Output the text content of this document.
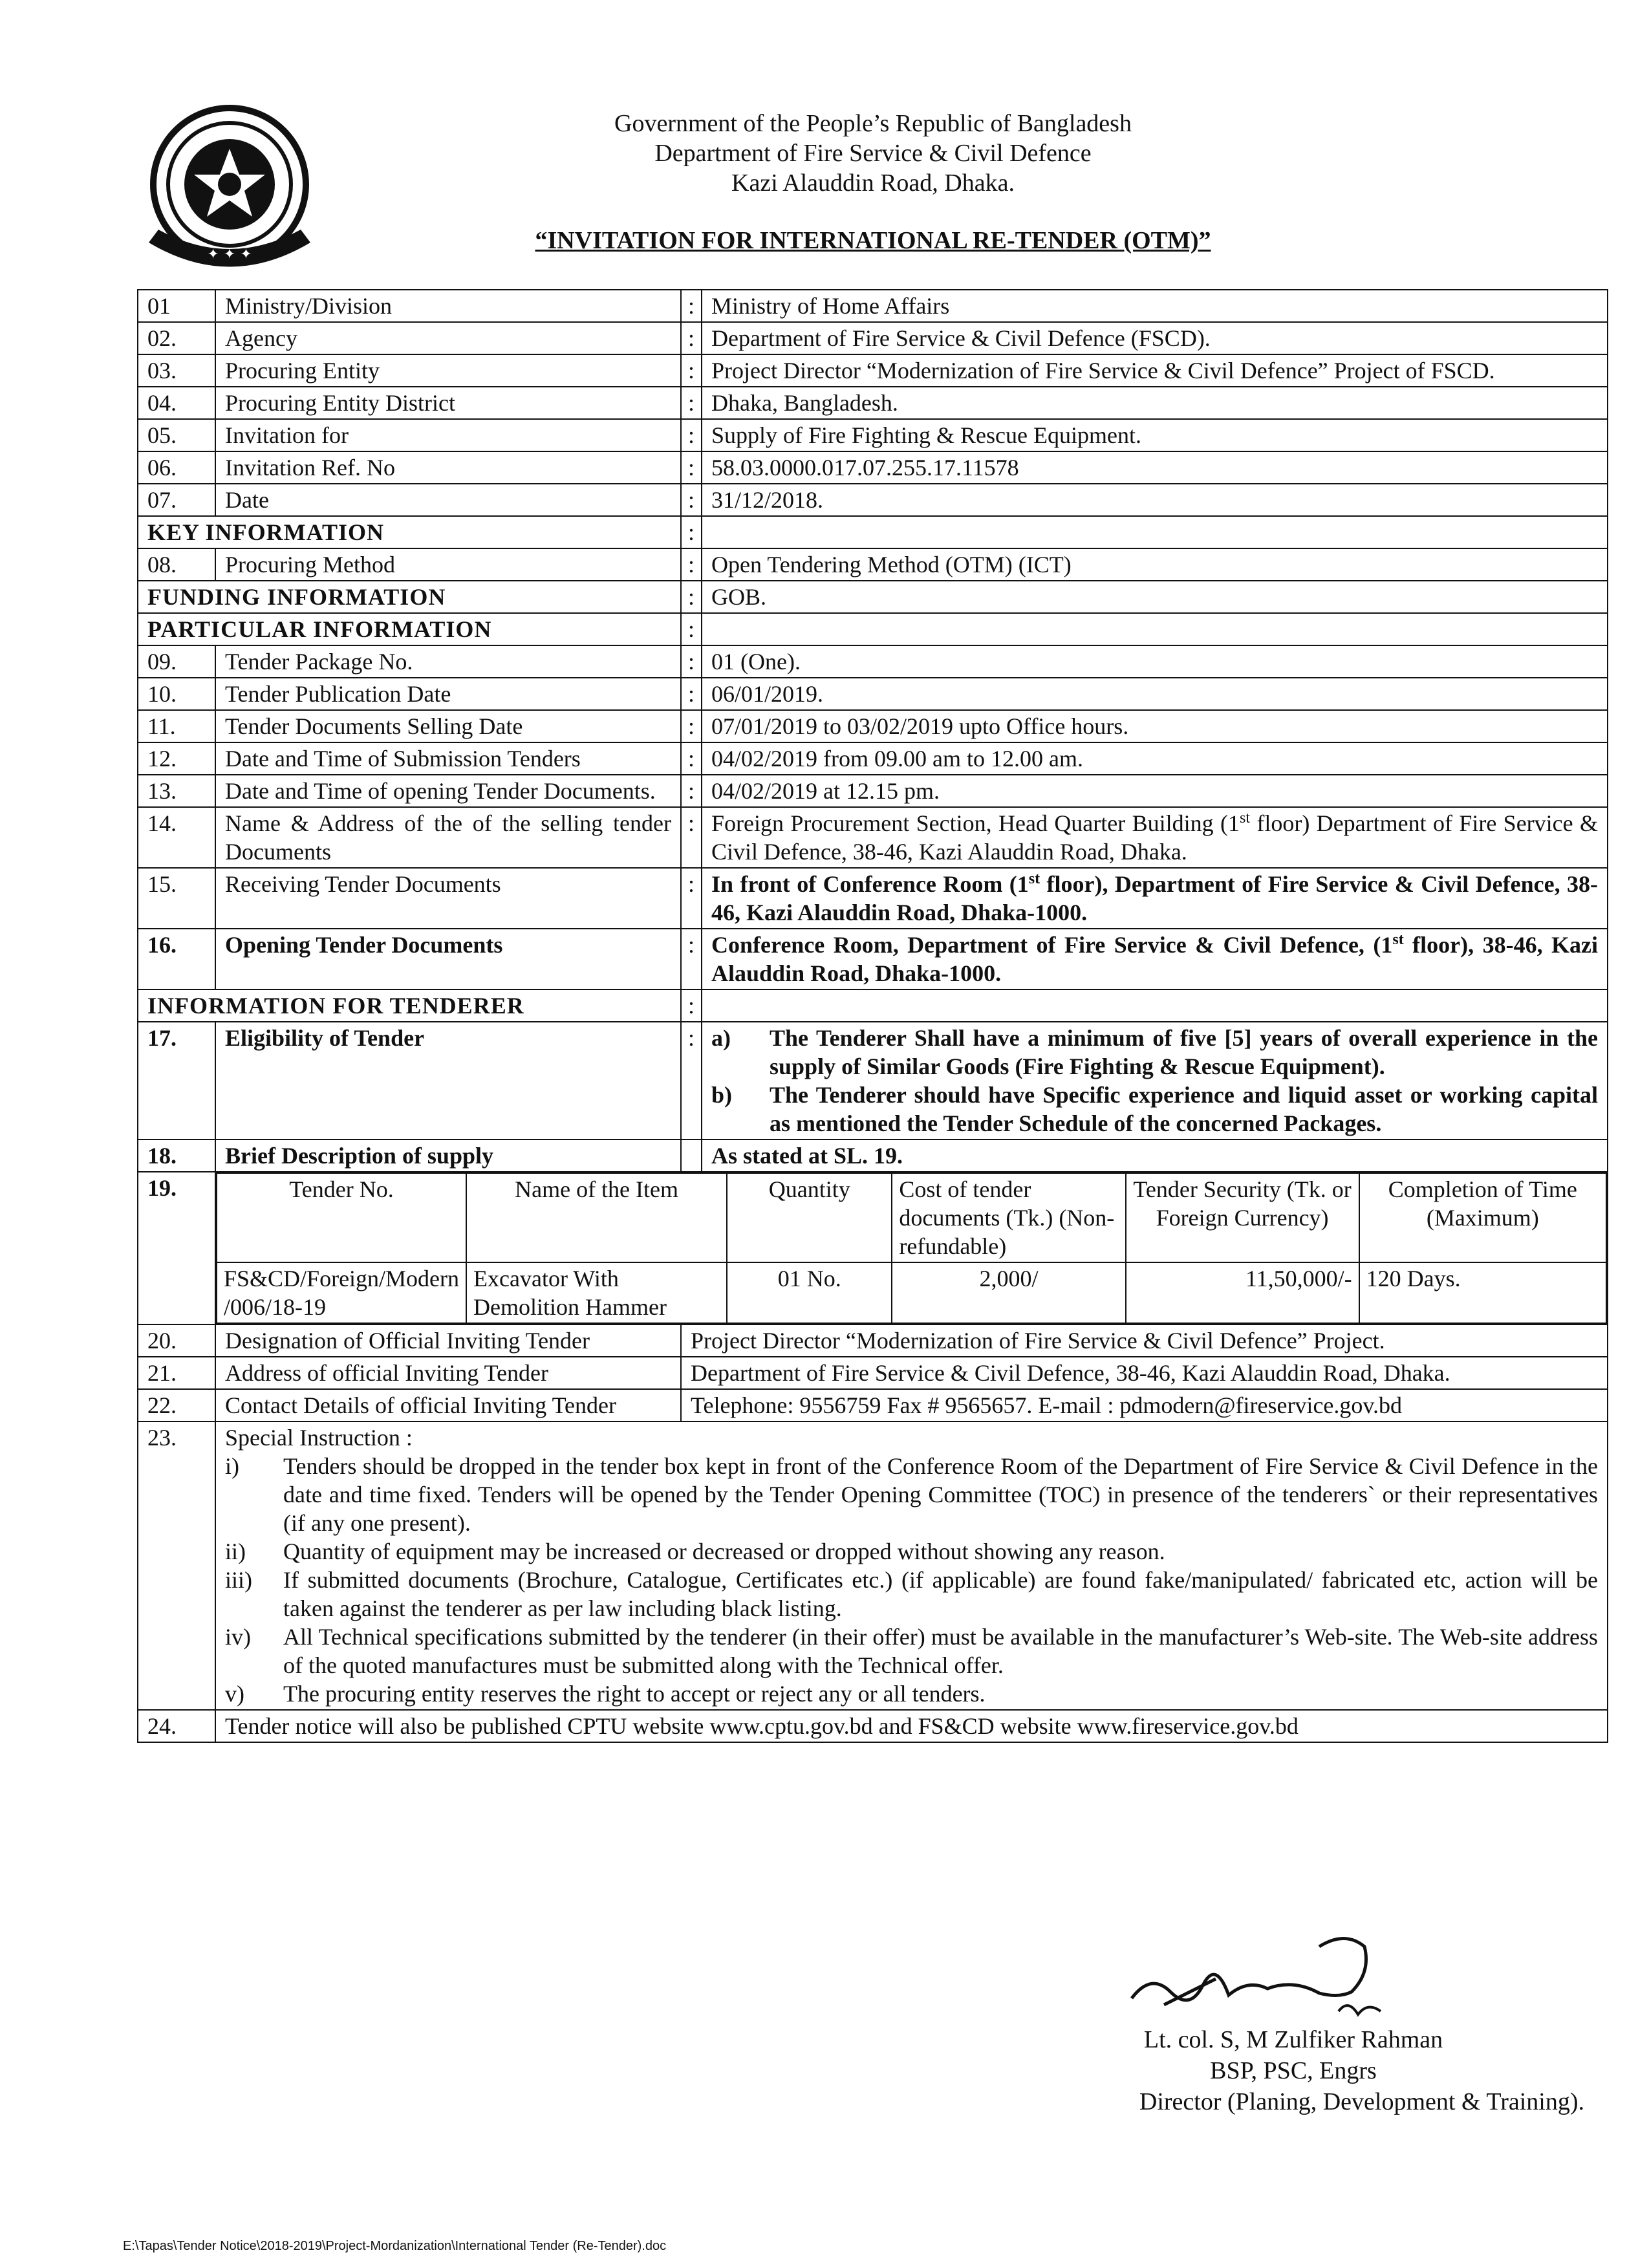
✦ ✦ ✦
Government of the People’s Republic of Bangladesh
Department of Fire Service & Civil Defence
Kazi Alauddin Road, Dhaka.
“INVITATION FOR INTERNATIONAL RE-TENDER (OTM)”
01	Ministry/Division	:	Ministry of Home Affairs
02.	Agency	:	Department of Fire Service & Civil Defence (FSCD).
03.	Procuring Entity	:	Project Director “Modernization of Fire Service & Civil Defence” Project of FSCD.
04.	Procuring Entity District	:	Dhaka, Bangladesh.
05.	Invitation for	:	Supply of Fire Fighting & Rescue Equipment.
06.	Invitation Ref. No	:	58.03.0000.017.07.255.17.11578
07.	Date	:	31/12/2018.
KEY INFORMATION	:	
08.	Procuring Method	:	Open Tendering Method (OTM) (ICT)
FUNDING INFORMATION	:	GOB.
PARTICULAR INFORMATION	:	
09.	Tender Package No.	:	01 (One).
10.	Tender Publication Date	:	06/01/2019.
11.	Tender Documents Selling Date	:	07/01/2019 to 03/02/2019 upto Office hours.
12.	Date and Time of Submission Tenders	:	04/02/2019 from 09.00 am to 12.00 am.
13.	Date and Time of opening Tender Documents.	:	04/02/2019 at 12.15 pm.
14.	Name & Address of the of the selling tender Documents	:	Foreign Procurement Section, Head Quarter Building (1st floor) Department of Fire Service & Civil Defence, 38-46, Kazi Alauddin Road, Dhaka.
15.	Receiving Tender Documents	:	In front of Conference Room (1st floor), Department of Fire Service & Civil Defence, 38-46, Kazi Alauddin Road, Dhaka-1000.
16.	Opening Tender Documents	:	Conference Room, Department of Fire Service & Civil Defence, (1st floor), 38-46, Kazi Alauddin Road, Dhaka-1000.
INFORMATION FOR TENDERER	:	
17.	Eligibility of Tender	:	a)	The Tenderer Shall have a minimum of five [5] years of overall experience in the supply of Similar Goods (Fire Fighting & Rescue Equipment).
b)	The Tenderer should have Specific experience and liquid asset or working capital as mentioned the Tender Schedule of the concerned Packages.

18.	Brief Description of supply		As stated at SL. 19.
19.		Tender No.	Name of the Item	Quantity	Cost of tender documents (Tk.) (Non-refundable)	Tender Security (Tk. or Foreign Currency)	Completion of Time (Maximum)
FS&CD/Foreign/Modern /006/18-19	Excavator With Demolition Hammer	01 No.	2,000/	11,50,000/-	120 Days.

20.	Designation of Official Inviting Tender	Project Director “Modernization of Fire Service & Civil Defence” Project.
21.	Address of official Inviting Tender	Department of Fire Service & Civil Defence, 38-46, Kazi Alauddin Road, Dhaka.
22.	Contact Details of official Inviting Tender	Telephone: 9556759 Fax # 9565657. E-mail : pdmodern@fireservice.gov.bd
23.	Special Instruction :
i)	Tenders should be dropped in the tender box kept in front of the Conference Room of the Department of Fire Service & Civil Defence in the date and time fixed. Tenders will be opened by the Tender Opening Committee (TOC) in presence of the tenderers` or their representatives (if any one present).
ii)	Quantity of equipment may be increased or decreased or dropped without showing any reason.
iii)	If submitted documents (Brochure, Catalogue, Certificates etc.) (if applicable) are found fake/manipulated/ fabricated etc, action will be taken against the tenderer as per law including black listing.
iv)	All Technical specifications submitted by the tenderer (in their offer) must be available in the manufacturer’s Web-site. The Web-site address of the quoted manufactures must be submitted along with the Technical offer.
v)	The procuring entity reserves the right to accept or reject any or all tenders.

24.	Tender notice will also be published CPTU website www.cptu.gov.bd and FS&CD website www.fireservice.gov.bd
Lt. col. S, M Zulfiker Rahman
BSP, PSC, Engrs
Director (Planing, Development & Training).
E:\Tapas\Tender Notice\2018-2019\Project-Mordanization\International Tender (Re-Tender).doc
